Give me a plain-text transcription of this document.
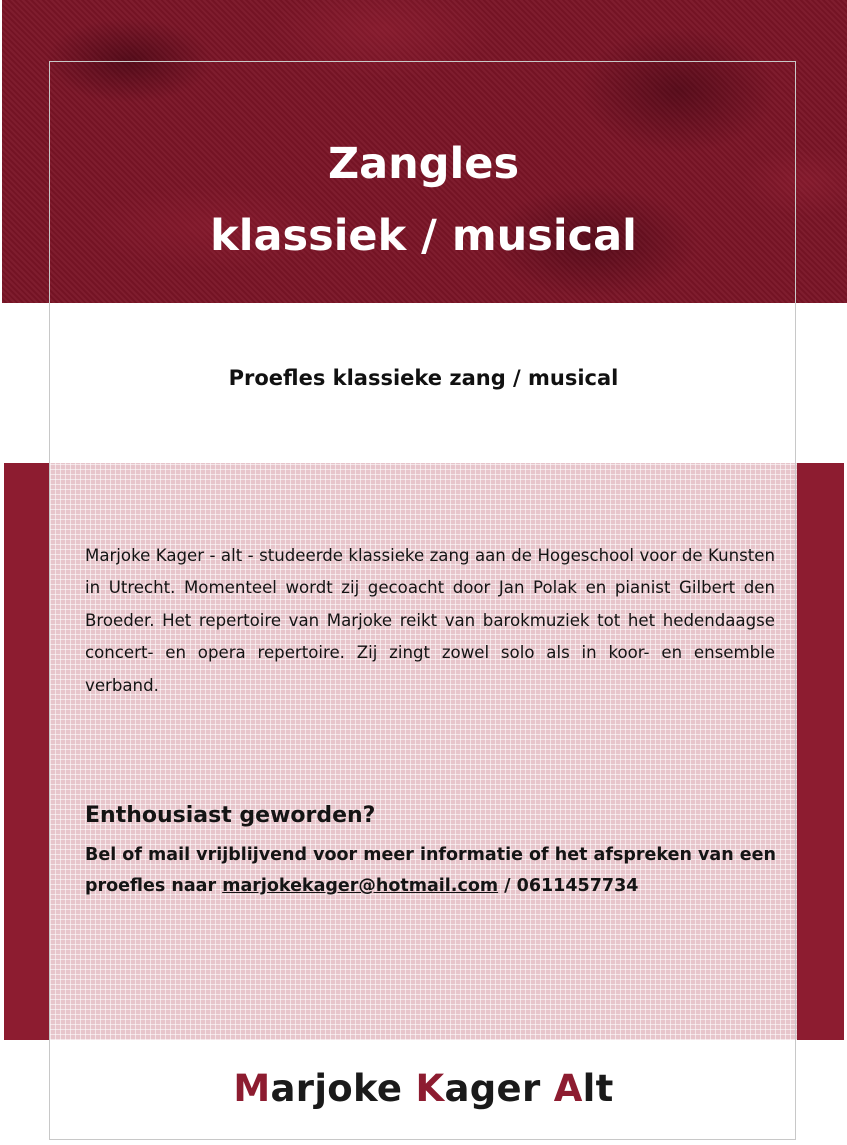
Zangles
klassiek / musical
Proefles klassieke zang / musical

Marjoke Kager - alt - studeerde klassieke zang aan de Hogeschool voor de Kunsten in Utrecht. Momenteel wordt zij gecoacht door Jan Polak en pianist Gilbert den Broeder. Het repertoire van Marjoke reikt van barokmuziek tot het hedendaagse concert- en opera repertoire. Zij zingt zowel solo als in koor- en ensemble verband.

Enthousiast geworden?

Bel of mail vrijblijvend voor meer informatie of het afspreken van een proefles naar marjokekager@hotmail.com / 0611457734

Marjoke Kager Alt
